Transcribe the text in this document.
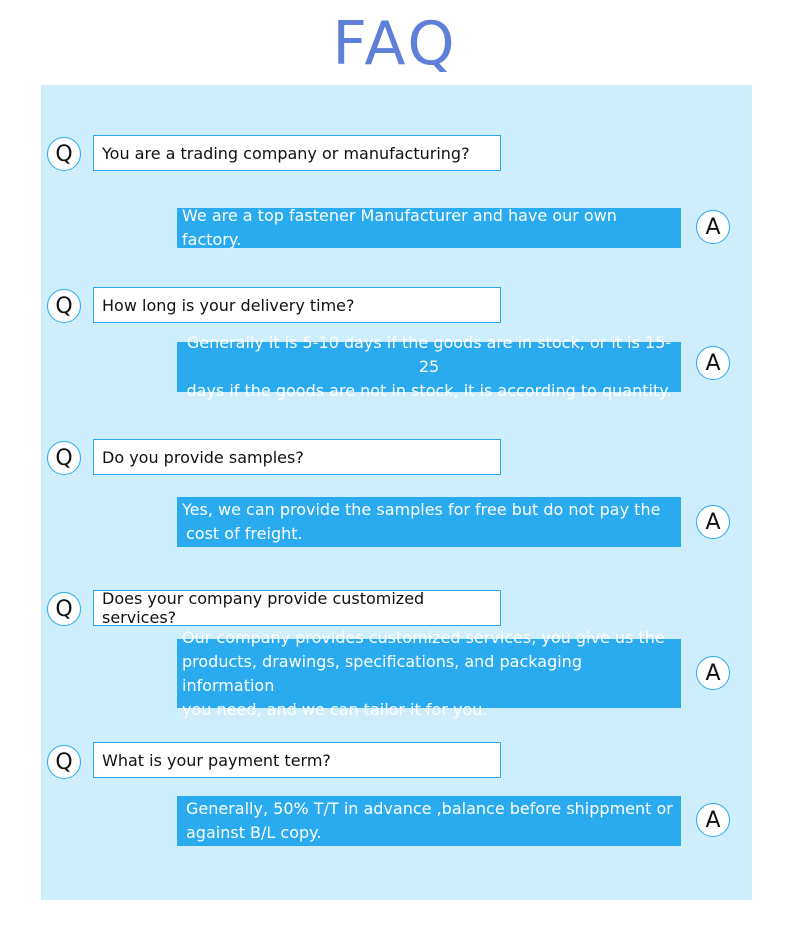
FAQ
Q	You are a trading company or manufacturing?
We are a top fastener Manufacturer and have our own factory.	A
Q	How long is your delivery time?
Generally it is 5-10 days if the goods are in stock, or it is 15-25
days if the goods are not in stock, it is according to quantity.
A
Q	Do you provide samples?
Yes, we can provide the samples for free but do not pay the
cost of freight.	A
Q	Does your company provide customized services?
Our company provides customized services, you give us the
products, drawings, specifications, and packaging information
you need, and we can tailor it for you.
A
Q	What is your payment term?
Generally, 50% T/T in advance ,balance before shippment or
against B/L copy.	A
